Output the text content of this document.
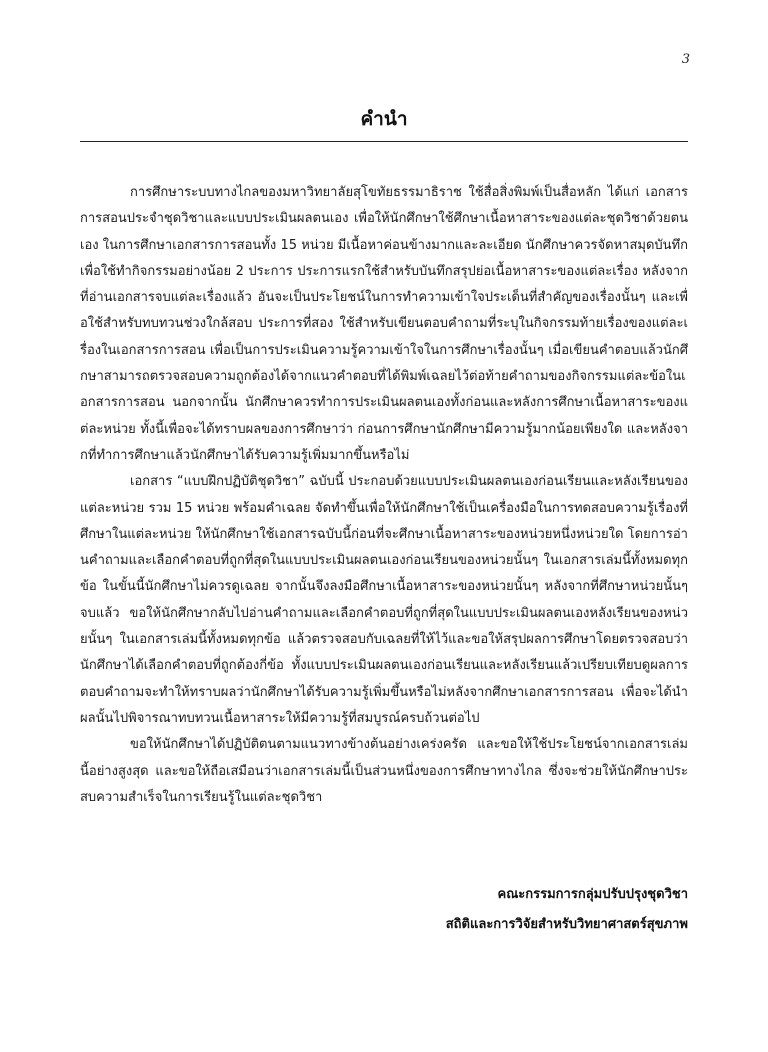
3
คำนำ

การศึกษาระบบทางไกลของมหาวิทยาลัยสุโขทัยธรรมาธิราช ใช้สื่อสิ่งพิมพ์เป็นสื่อหลัก ได้แก่ เอกสารการสอนประจำชุดวิชาและแบบประเมินผลตนเอง เพื่อให้นักศึกษาใช้ศึกษาเนื้อหาสาระของแต่ละชุดวิชาด้วยตนเอง ในการศึกษาเอกสารการสอนทั้ง 15 หน่วย มีเนื้อหาค่อนข้างมากและละเอียด นักศึกษาควรจัดหาสมุดบันทึกเพื่อใช้ทำกิจกรรมอย่างน้อย 2 ประการ ประการแรกใช้สำหรับบันทึกสรุปย่อเนื้อหาสาระของแต่ละเรื่อง หลังจากที่อ่านเอกสารจบแต่ละเรื่องแล้ว อันจะเป็นประโยชน์ในการทำความเข้าใจประเด็นที่สำคัญของเรื่องนั้นๆ และเพื่อใช้สำหรับทบทวนช่วงใกล้สอบ ประการที่สอง ใช้สำหรับเขียนตอบคำถามที่ระบุในกิจกรรมท้ายเรื่องของแต่ละเรื่องในเอกสารการสอน เพื่อเป็นการประเมินความรู้ความเข้าใจในการศึกษาเรื่องนั้นๆ เมื่อเขียนคำตอบแล้วนักศึกษาสามารถตรวจสอบความถูกต้องได้จากแนวคำตอบที่ได้พิมพ์เฉลยไว้ต่อท้ายคำถามของกิจกรรมแต่ละข้อในเอกสารการสอน นอกจากนั้น นักศึกษาควรทำการประเมินผลตนเองทั้งก่อนและหลังการศึกษาเนื้อหาสาระของแต่ละหน่วย ทั้งนี้เพื่อจะได้ทราบผลของการศึกษาว่า ก่อนการศึกษานักศึกษามีความรู้มากน้อยเพียงใด และหลังจากที่ทำการศึกษาแล้วนักศึกษาได้รับความรู้เพิ่มมากขึ้นหรือไม่

เอกสาร “แบบฝึกปฏิบัติชุดวิชา” ฉบับนี้ ประกอบด้วยแบบประเมินผลตนเองก่อนเรียนและหลังเรียนของแต่ละหน่วย รวม 15 หน่วย พร้อมคำเฉลย จัดทำขึ้นเพื่อให้นักศึกษาใช้เป็นเครื่องมือในการทดสอบความรู้เรื่องที่ศึกษาในแต่ละหน่วย ให้นักศึกษาใช้เอกสารฉบับนี้ก่อนที่จะศึกษาเนื้อหาสาระของหน่วยหนึ่งหน่วยใด โดยการอ่านคำถามและเลือกคำตอบที่ถูกที่สุดในแบบประเมินผลตนเองก่อนเรียนของหน่วยนั้นๆ ในเอกสารเล่มนี้ทั้งหมดทุกข้อ ในขั้นนี้นักศึกษาไม่ควรดูเฉลย จากนั้นจึงลงมือศึกษาเนื้อหาสาระของหน่วยนั้นๆ หลังจากที่ศึกษาหน่วยนั้นๆ จบแล้ว ขอให้นักศึกษากลับไปอ่านคำถามและเลือกคำตอบที่ถูกที่สุดในแบบประเมินผลตนเองหลังเรียนของหน่วยนั้นๆ ในเอกสารเล่มนี้ทั้งหมดทุกข้อ แล้วตรวจสอบกับเฉลยที่ให้ไว้และขอให้สรุปผลการศึกษาโดยตรวจสอบว่านักศึกษาได้เลือกคำตอบที่ถูกต้องกี่ข้อ ทั้งแบบประเมินผลตนเองก่อนเรียนและหลังเรียนแล้วเปรียบเทียบดูผลการตอบคำถามจะทำให้ทราบผลว่านักศึกษาได้รับความรู้เพิ่มขึ้นหรือไม่หลังจากศึกษาเอกสารการสอน เพื่อจะได้นำผลนั้นไปพิจารณาทบทวนเนื้อหาสาระให้มีความรู้ที่สมบูรณ์ครบถ้วนต่อไป

ขอให้นักศึกษาได้ปฏิบัติตนตามแนวทางข้างต้นอย่างเคร่งครัด และขอให้ใช้ประโยชน์จากเอกสารเล่มนี้อย่างสูงสุด และขอให้ถือเสมือนว่าเอกสารเล่มนี้เป็นส่วนหนึ่งของการศึกษาทางไกล ซึ่งจะช่วยให้นักศึกษาประสบความสำเร็จในการเรียนรู้ในแต่ละชุดวิชา

คณะกรรมการกลุ่มปรับปรุงชุดวิชา
สถิติและการวิจัยสำหรับวิทยาศาสตร์สุขภาพ
